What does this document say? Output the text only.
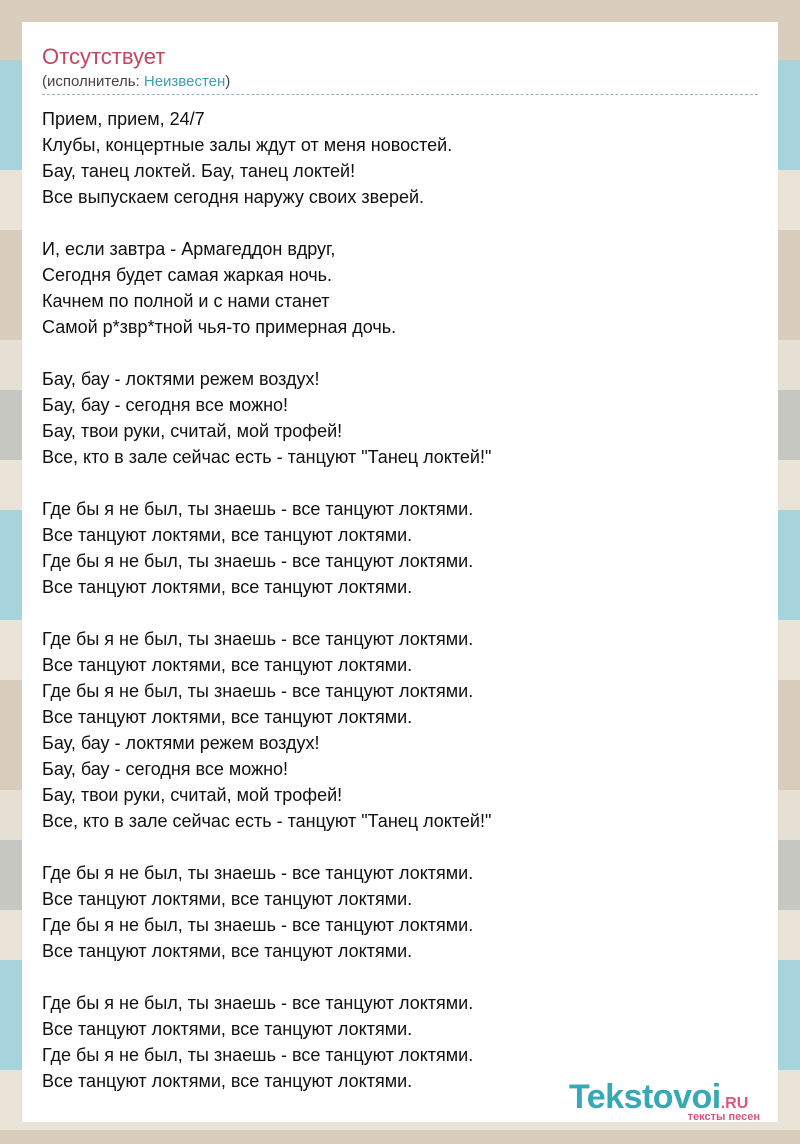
Отсутствует
(исполнитель: Неизвестен)
Прием, прием, 24/7
Клубы, концертные залы ждут от меня новостей.
Бау, танец локтей. Бау, танец локтей!
Все выпускаем сегодня наружу своих зверей.
И, если завтра - Армагеддон вдруг,
Сегодня будет самая жаркая ночь.
Качнем по полной и с нами станет
Самой р*звр*тной чья-то примерная дочь.
Бау, бау - локтями режем воздух!
Бау, бау - сегодня все можно!
Бау, твои руки, считай, мой трофей!
Все, кто в зале сейчас есть - танцуют "Танец локтей!"
Где бы я не был, ты знаешь - все танцуют локтями.
Все танцуют локтями, все танцуют локтями.
Где бы я не был, ты знаешь - все танцуют локтями.
Все танцуют локтями, все танцуют локтями.
Где бы я не был, ты знаешь - все танцуют локтями.
Все танцуют локтями, все танцуют локтями.
Где бы я не был, ты знаешь - все танцуют локтями.
Все танцуют локтями, все танцуют локтями.
Бау, бау - локтями режем воздух!
Бау, бау - сегодня все можно!
Бау, твои руки, считай, мой трофей!
Все, кто в зале сейчас есть - танцуют "Танец локтей!"
Где бы я не был, ты знаешь - все танцуют локтями.
Все танцуют локтями, все танцуют локтями.
Где бы я не был, ты знаешь - все танцуют локтями.
Все танцуют локтями, все танцуют локтями.
Где бы я не был, ты знаешь - все танцуют локтями.
Все танцуют локтями, все танцуют локтями.
Где бы я не был, ты знаешь - все танцуют локтями.
Все танцуют локтями, все танцуют локтями.	Tekstovoi.RU
тексты песен
